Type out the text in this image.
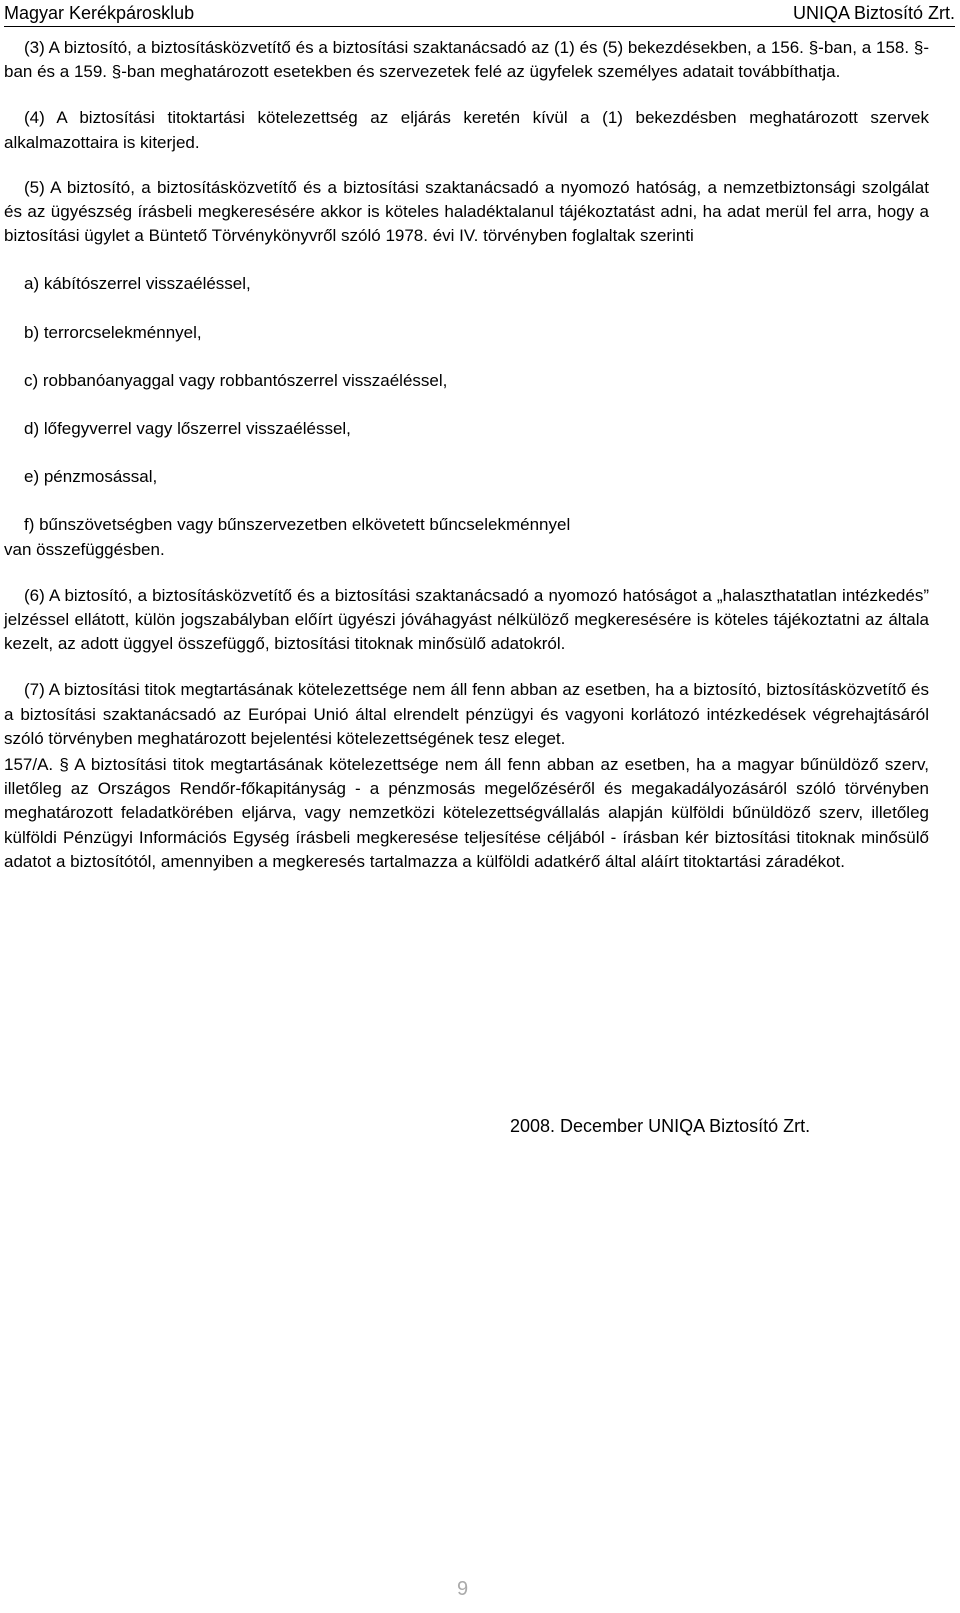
Magyar Kerékpárosklub	UNIQA Biztosító Zrt.

(3) A biztosító, a biztosításközvetítő és a biztosítási szaktanácsadó az (1) és (5) bekezdésekben, a 156. §-ban, a 158. §-ban és a 159. §-ban meghatározott esetekben és szervezetek felé az ügyfelek személyes adatait továbbíthatja.

(4) A biztosítási titoktartási kötelezettség az eljárás keretén kívül a (1) bekezdésben meghatározott szervek alkalmazottaira is kiterjed.

(5) A biztosító, a biztosításközvetítő és a biztosítási szaktanácsadó a nyomozó hatóság, a nemzetbiztonsági szolgálat és az ügyészség írásbeli megkeresésére akkor is köteles haladéktalanul tájékoztatást adni, ha adat merül fel arra, hogy a biztosítási ügylet a Büntető Törvénykönyvről szóló 1978. évi IV. törvényben foglaltak szerinti

a) kábítószerrel visszaéléssel,

b) terrorcselekménnyel,

c) robbanóanyaggal vagy robbantószerrel visszaéléssel,

d) lőfegyverrel vagy lőszerrel visszaéléssel,

e) pénzmosással,

f) bűnszövetségben vagy bűnszervezetben elkövetett bűncselekménnyel

van összefüggésben.

(6) A biztosító, a biztosításközvetítő és a biztosítási szaktanácsadó a nyomozó hatóságot a „halaszthatatlan intézkedés” jelzéssel ellátott, külön jogszabályban előírt ügyészi jóváhagyást nélkülöző megkeresésére is köteles tájékoztatni az általa kezelt, az adott üggyel összefüggő, biztosítási titoknak minősülő adatokról.

(7) A biztosítási titok megtartásának kötelezettsége nem áll fenn abban az esetben, ha a biztosító, biztosításközvetítő és a biztosítási szaktanácsadó az Európai Unió által elrendelt pénzügyi és vagyoni korlátozó intézkedések végrehajtásáról szóló törvényben meghatározott bejelentési kötelezettségének tesz eleget.

157/A. § A biztosítási titok megtartásának kötelezettsége nem áll fenn abban az esetben, ha a magyar bűnüldöző szerv, illetőleg az Országos Rendőr-főkapitányság - a pénzmosás megelőzéséről és megakadályozásáról szóló törvényben meghatározott feladatkörében eljárva, vagy nemzetközi kötelezettségvállalás alapján külföldi bűnüldöző szerv, illetőleg külföldi Pénzügyi Információs Egység írásbeli megkeresése teljesítése céljából - írásban kér biztosítási titoknak minősülő adatot a biztosítótól, amennyiben a megkeresés tartalmazza a külföldi adatkérő által aláírt titoktartási záradékot.

2008. December UNIQA Biztosító Zrt.
9
